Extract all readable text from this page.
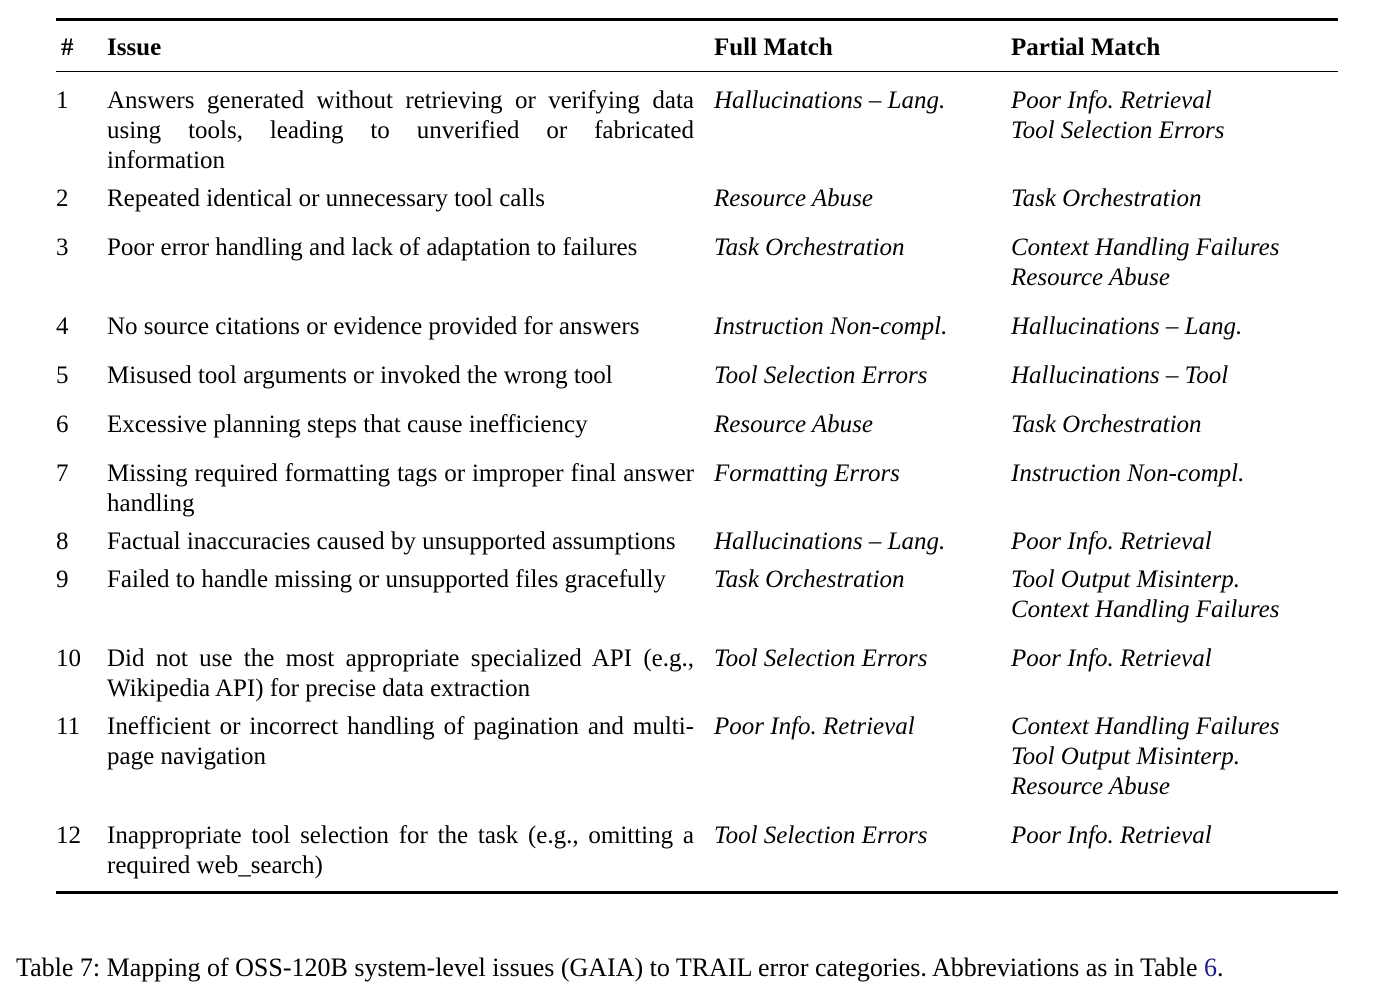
#	Issue	Full Match	Partial Match
1	Answers generated without retrieving or verifying data using tools, leading to unverified or fabricated information	Hallucinations – Lang.	Poor Info. Retrieval
Tool Selection Errors

2	Repeated identical or unnecessary tool calls	Resource Abuse	Task Orchestration

3	Poor error handling and lack of adaptation to failures	Task Orchestration	Context Handling Failures
Resource Abuse

4	No source citations or evidence provided for answers	Instruction Non-compl.	Hallucinations – Lang.

5	Misused tool arguments or invoked the wrong tool	Tool Selection Errors	Hallucinations – Tool

6	Excessive planning steps that cause inefficiency	Resource Abuse	Task Orchestration

7	Missing required formatting tags or improper final answer handling	Formatting Errors	Instruction Non-compl.

8	Factual inaccuracies caused by unsupported assumptions	Hallucinations – Lang.	Poor Info. Retrieval

9	Failed to handle missing or unsupported files gracefully	Task Orchestration	Tool Output Misinterp.
Context Handling Failures

10	Did not use the most appropriate specialized API (e.g., Wikipedia API) for precise data extraction	Tool Selection Errors	Poor Info. Retrieval

11	Inefficient or incorrect handling of pagination and multi-page navigation	Poor Info. Retrieval	Context Handling Failures
Tool Output Misinterp.
Resource Abuse

12	Inappropriate tool selection for the task (e.g., omitting a required web_search)	Tool Selection Errors	Poor Info. Retrieval
Table 7: Mapping of OSS-120B system-level issues (GAIA) to TRAIL error categories. Abbreviations as in Table 6.
